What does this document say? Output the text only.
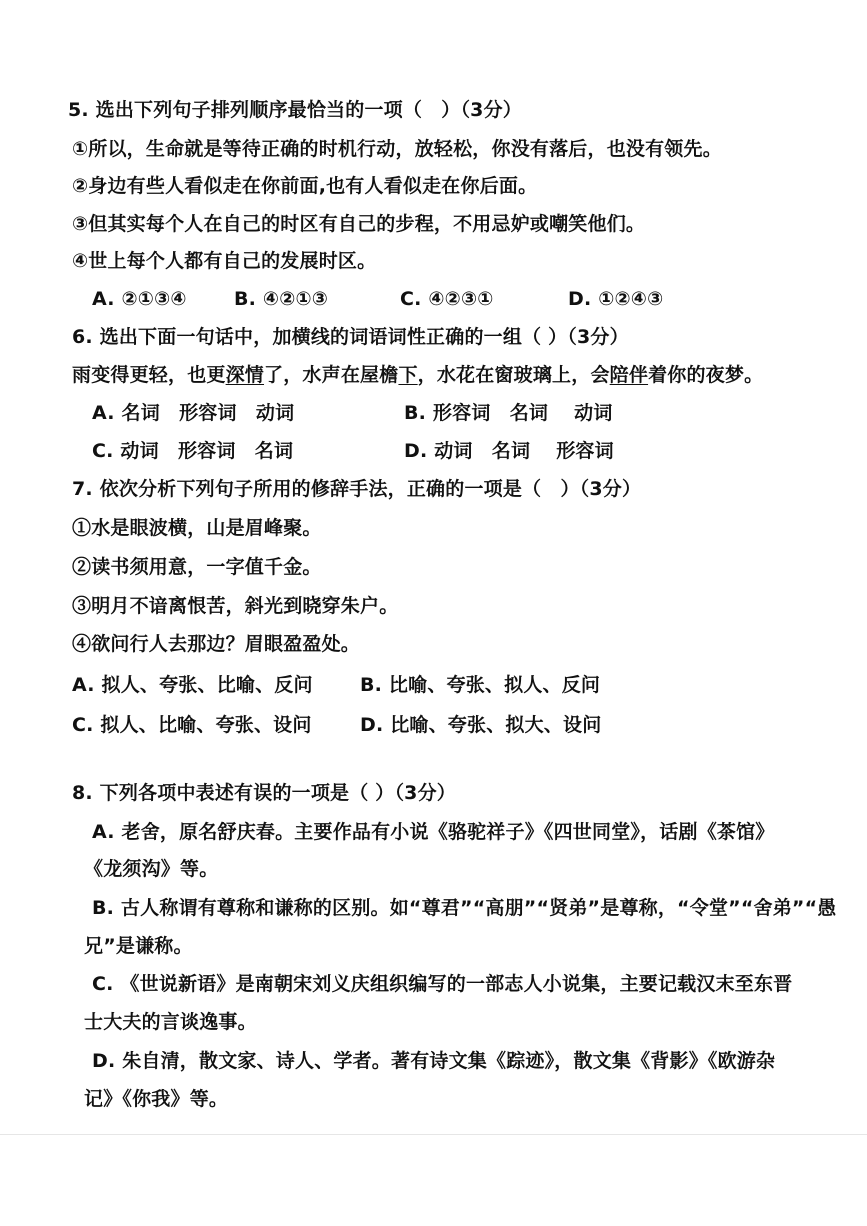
5. 选出下列句子排列顺序最恰当的一项（　）（3分）
①所以，生命就是等待正确的时机行动，放轻松，你没有落后，也没有领先。
②身边有些人看似走在你前面,也有人看似走在你后面。
③但其实每个人在自己的时区有自己的步程，不用忌妒或嘲笑他们。
④世上每个人都有自己的发展时区。
A. ②①③④ B. ④②①③	C. ④②③①	D. ①②④③
6. 选出下面一句话中，加横线的词语词性正确的一组（ ）（3分）
雨变得更轻，也更深情了，水声在屋檐下，水花在窗玻璃上，会陪伴着你的夜梦。
A. 名词　形容词　动词	B. 形容词　名词　 动词
C. 动词　形容词　名词	D. 动词　名词　 形容词
7. 依次分析下列句子所用的修辞手法，正确的一项是（　）（3分）
①水是眼波横，山是眉峰聚。
②读书须用意，一字值千金。
③明月不谙离恨苦，斜光到晓穿朱户。
④欲问行人去那边？眉眼盈盈处。
A. 拟人、夸张、比喻、反问 B. 比喻、夸张、拟人、反问
C. 拟人、比喻、夸张、设问	D. 比喻、夸张、拟大、设问
8. 下列各项中表述有误的一项是（ ）（3分）
A. 老舍，原名舒庆春。主要作品有小说《骆驼祥子》《四世同堂》，话剧《茶馆》
《龙须沟》等。
B. 古人称谓有尊称和谦称的区别。如“尊君”“高朋”“贤弟”是尊称，“令堂”“舍弟”“愚
兄”是谦称。
C. 《世说新语》是南朝宋刘义庆组织编写的一部志人小说集，主要记载汉末至东晋
士大夫的言谈逸事。
D. 朱自清，散文家、诗人、学者。著有诗文集《踪迹》，散文集《背影》《欧游杂
记》《你我》等。
